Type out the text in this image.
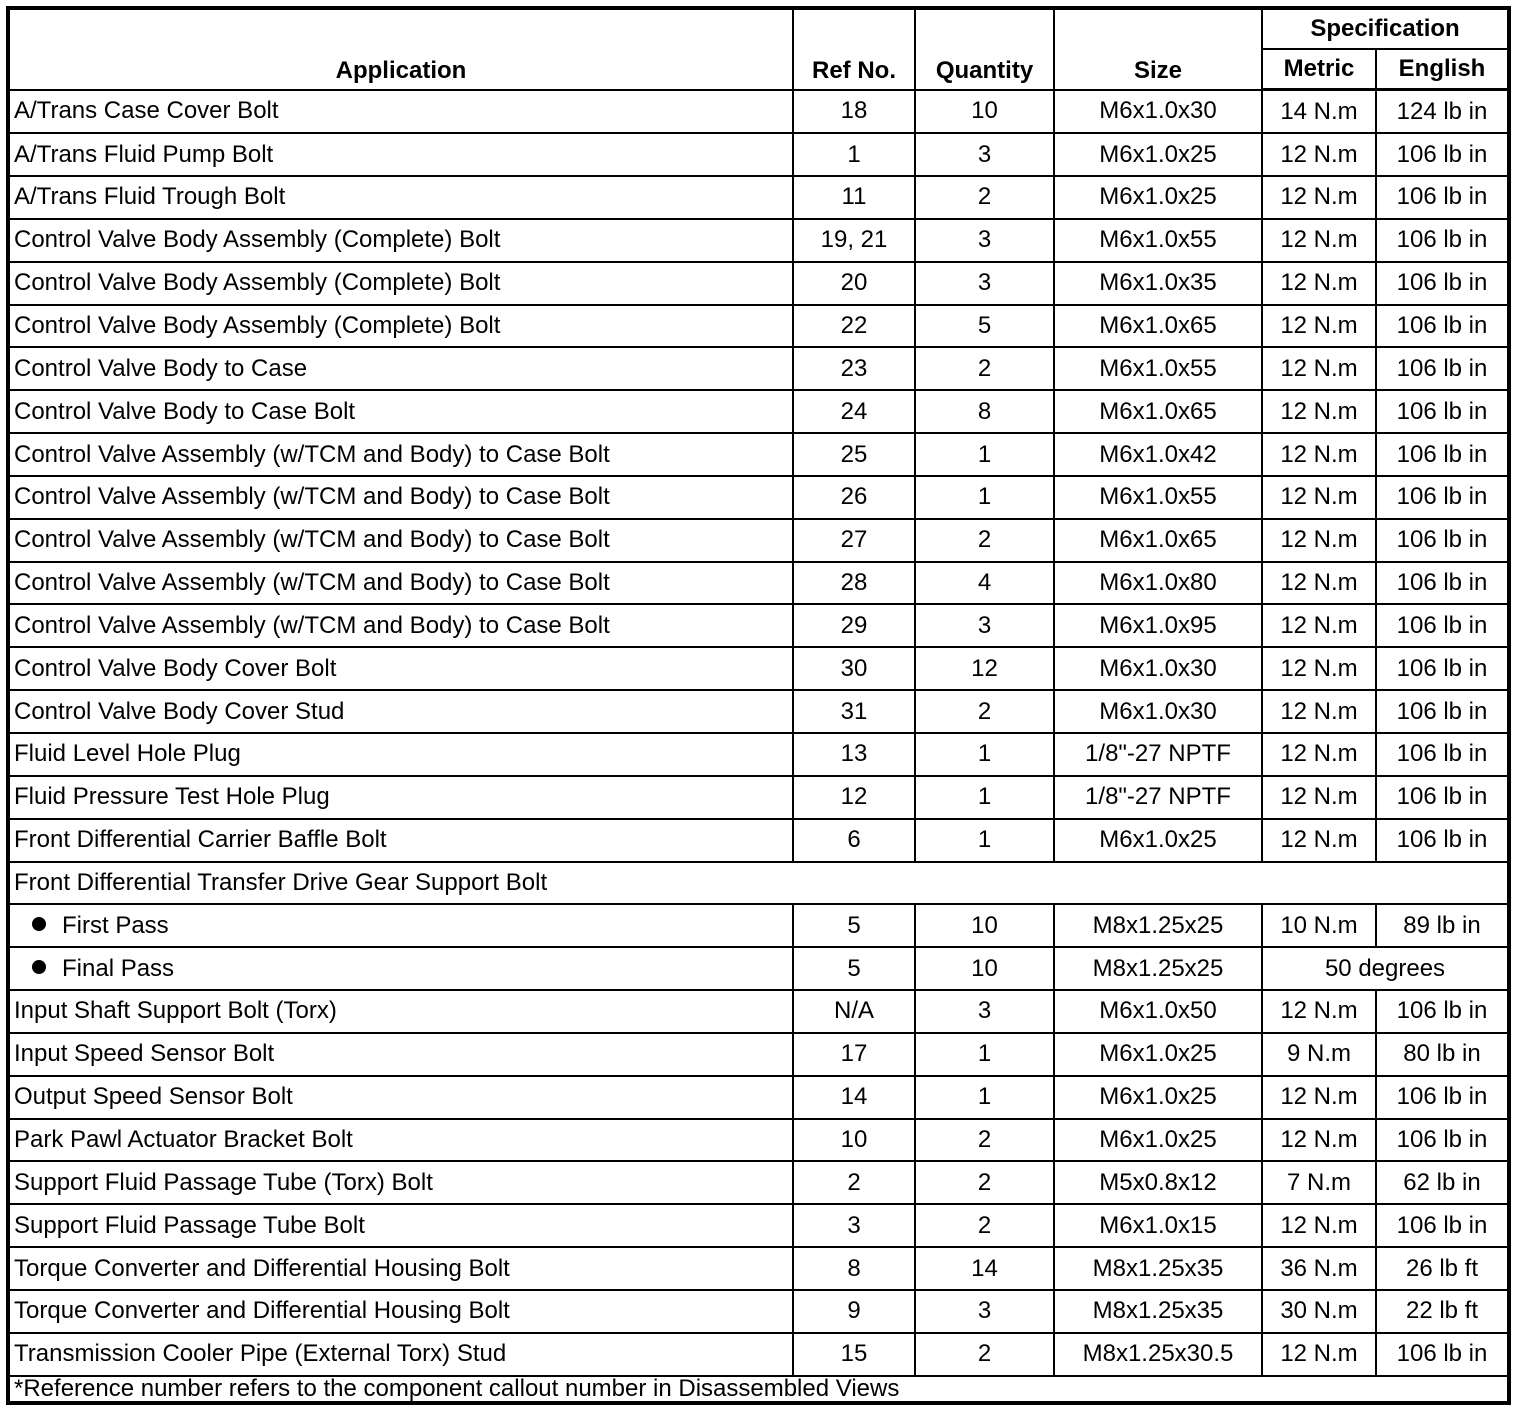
Application	Ref No.	Quantity	Size	Specification	
				Metric	English
A/Trans Case Cover Bolt	18	10	M6x1.0x30	14 N.m	124 lb in
A/Trans Fluid Pump Bolt	1	3	M6x1.0x25	12 N.m	106 lb in
A/Trans Fluid Trough Bolt	11	2	M6x1.0x25	12 N.m	106 lb in
Control Valve Body Assembly (Complete) Bolt	19, 21	3	M6x1.0x55	12 N.m	106 lb in
Control Valve Body Assembly (Complete) Bolt	20	3	M6x1.0x35	12 N.m	106 lb in
Control Valve Body Assembly (Complete) Bolt	22	5	M6x1.0x65	12 N.m	106 lb in
Control Valve Body to Case	23	2	M6x1.0x55	12 N.m	106 lb in
Control Valve Body to Case Bolt	24	8	M6x1.0x65	12 N.m	106 lb in
Control Valve Assembly (w/TCM and Body) to Case Bolt	25	1	M6x1.0x42	12 N.m	106 lb in
Control Valve Assembly (w/TCM and Body) to Case Bolt	26	1	M6x1.0x55	12 N.m	106 lb in
Control Valve Assembly (w/TCM and Body) to Case Bolt	27	2	M6x1.0x65	12 N.m	106 lb in
Control Valve Assembly (w/TCM and Body) to Case Bolt	28	4	M6x1.0x80	12 N.m	106 lb in
Control Valve Assembly (w/TCM and Body) to Case Bolt	29	3	M6x1.0x95	12 N.m	106 lb in
Control Valve Body Cover Bolt	30	12	M6x1.0x30	12 N.m	106 lb in
Control Valve Body Cover Stud	31	2	M6x1.0x30	12 N.m	106 lb in
Fluid Level Hole Plug	13	1	1/8"-27 NPTF	12 N.m	106 lb in
Fluid Pressure Test Hole Plug	12	1	1/8"-27 NPTF	12 N.m	106 lb in
Front Differential Carrier Baffle Bolt	6	1	M6x1.0x25	12 N.m	106 lb in
Front Differential Transfer Drive Gear Support Bolt					
First Pass	5	10	M8x1.25x25	10 N.m	89 lb in
Final Pass	5	10	M8x1.25x25	50 degrees	
Input Shaft Support Bolt (Torx)	N/A	3	M6x1.0x50	12 N.m	106 lb in
Input Speed Sensor Bolt	17	1	M6x1.0x25	9 N.m	80 lb in
Output Speed Sensor Bolt	14	1	M6x1.0x25	12 N.m	106 lb in
Park Pawl Actuator Bracket Bolt	10	2	M6x1.0x25	12 N.m	106 lb in
Support Fluid Passage Tube (Torx) Bolt	2	2	M5x0.8x12	7 N.m	62 lb in
Support Fluid Passage Tube Bolt	3	2	M6x1.0x15	12 N.m	106 lb in
Torque Converter and Differential Housing Bolt	8	14	M8x1.25x35	36 N.m	26 lb ft
Torque Converter and Differential Housing Bolt	9	3	M8x1.25x35	30 N.m	22 lb ft
Transmission Cooler Pipe (External Torx) Stud	15	2	M8x1.25x30.5	12 N.m	106 lb in
*Reference number refers to the component callout number in Disassembled Views					
